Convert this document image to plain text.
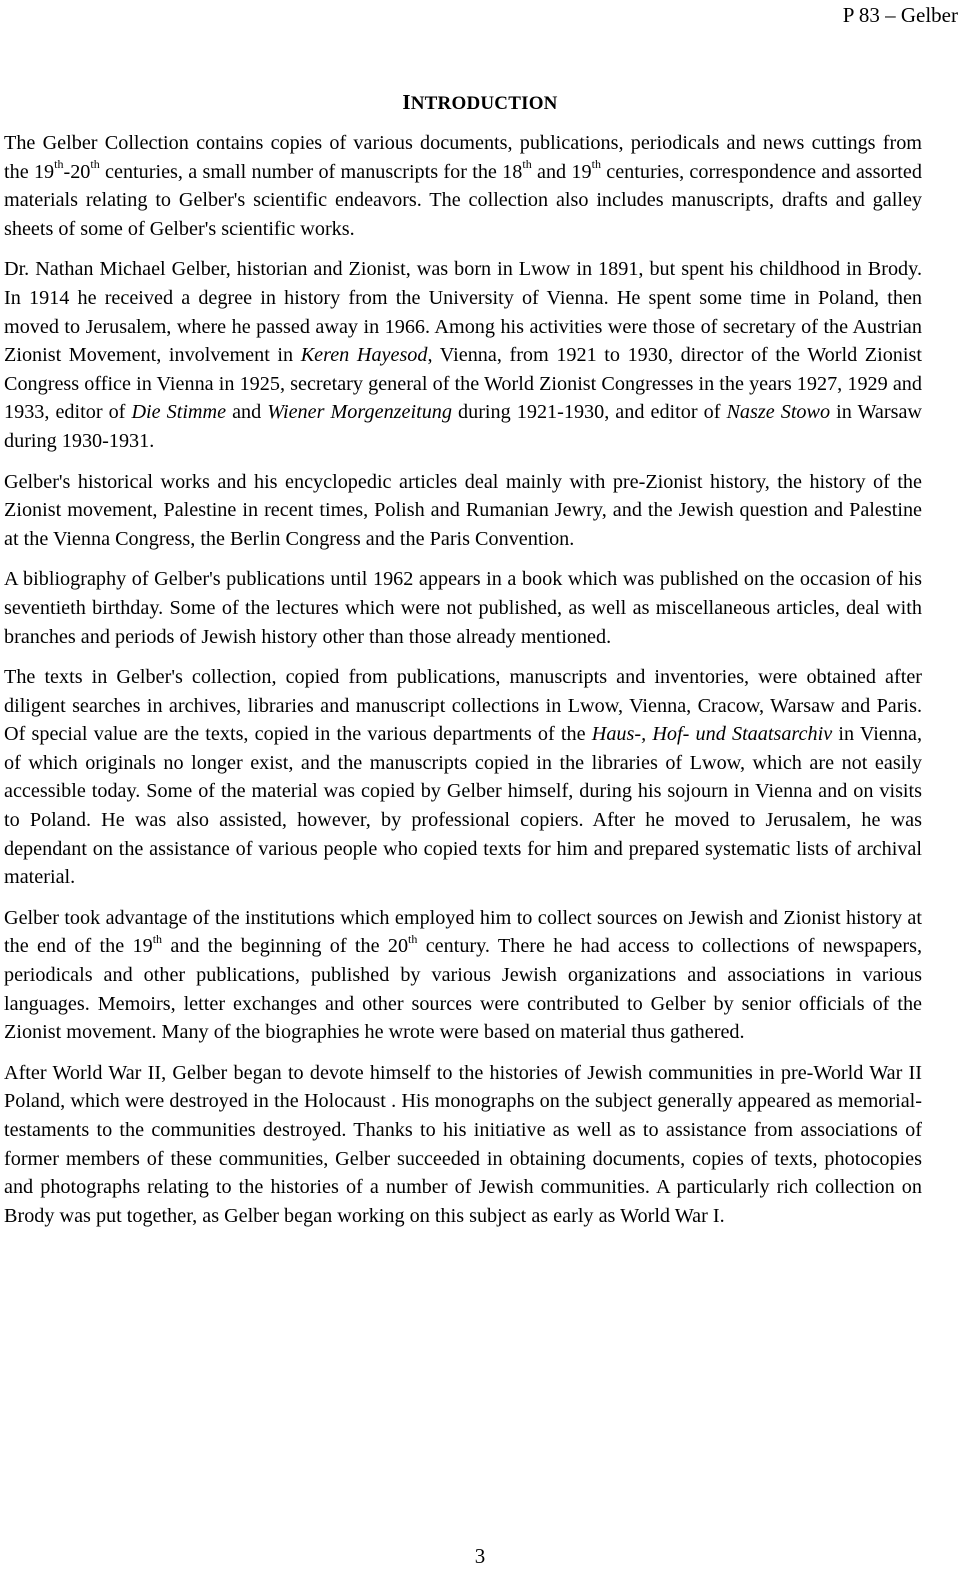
P 83 – Gelber
INTRODUCTION

The Gelber Collection contains copies of various documents, publications, periodicals and news cuttings from the 19th-20th centuries, a small number of manuscripts for the 18th and 19th centuries, correspondence and assorted materials relating to Gelber's scientific endeavors. The collection also includes manuscripts, drafts and galley sheets of some of Gelber's scientific works.

Dr. Nathan Michael Gelber, historian and Zionist, was born in Lwow in 1891, but spent his childhood in Brody. In 1914 he received a degree in history from the University of Vienna. He spent some time in Poland, then moved to Jerusalem, where he passed away in 1966. Among his activities were those of secretary of the Austrian Zionist Movement, involvement in Keren Hayesod, Vienna, from 1921 to 1930, director of the World Zionist Congress office in Vienna in 1925, secretary general of the World Zionist Congresses in the years 1927, 1929 and 1933, editor of Die Stimme and Wiener Morgenzeitung during 1921-1930, and editor of Nasze Stowo in Warsaw during 1930-1931.

Gelber's historical works and his encyclopedic articles deal mainly with pre-Zionist history, the history of the Zionist movement, Palestine in recent times, Polish and Rumanian Jewry, and the Jewish question and Palestine at the Vienna Congress, the Berlin Congress and the Paris Convention.

A bibliography of Gelber's publications until 1962 appears in a book which was published on the occasion of his seventieth birthday. Some of the lectures which were not published, as well as miscellaneous articles, deal with branches and periods of Jewish history other than those already mentioned.

The texts in Gelber's collection, copied from publications, manuscripts and inventories, were obtained after diligent searches in archives, libraries and manuscript collections in Lwow, Vienna, Cracow, Warsaw and Paris. Of special value are the texts, copied in the various departments of the Haus-, Hof- und Staatsarchiv in Vienna, of which originals no longer exist, and the manuscripts copied in the libraries of Lwow, which are not easily accessible today. Some of the material was copied by Gelber himself, during his sojourn in Vienna and on visits to Poland. He was also assisted, however, by professional copiers. After he moved to Jerusalem, he was dependant on the assistance of various people who copied texts for him and prepared systematic lists of archival material.

Gelber took advantage of the institutions which employed him to collect sources on Jewish and Zionist history at the end of the 19th and the beginning of the 20th century. There he had access to collections of newspapers, periodicals and other publications, published by various Jewish organizations and associations in various languages. Memoirs, letter exchanges and other sources were contributed to Gelber by senior officials of the Zionist movement. Many of the biographies he wrote were based on material thus gathered.

After World War II, Gelber began to devote himself to the histories of Jewish communities in pre-World War II Poland, which were destroyed in the Holocaust . His monographs on the subject generally appeared as memorial-testaments to the communities destroyed. Thanks to his initiative as well as to assistance from associations of former members of these communities, Gelber succeeded in obtaining documents, copies of texts, photocopies and photographs relating to the histories of a number of Jewish communities. A particularly rich collection on Brody was put together, as Gelber began working on this subject as early as World War I.

3
